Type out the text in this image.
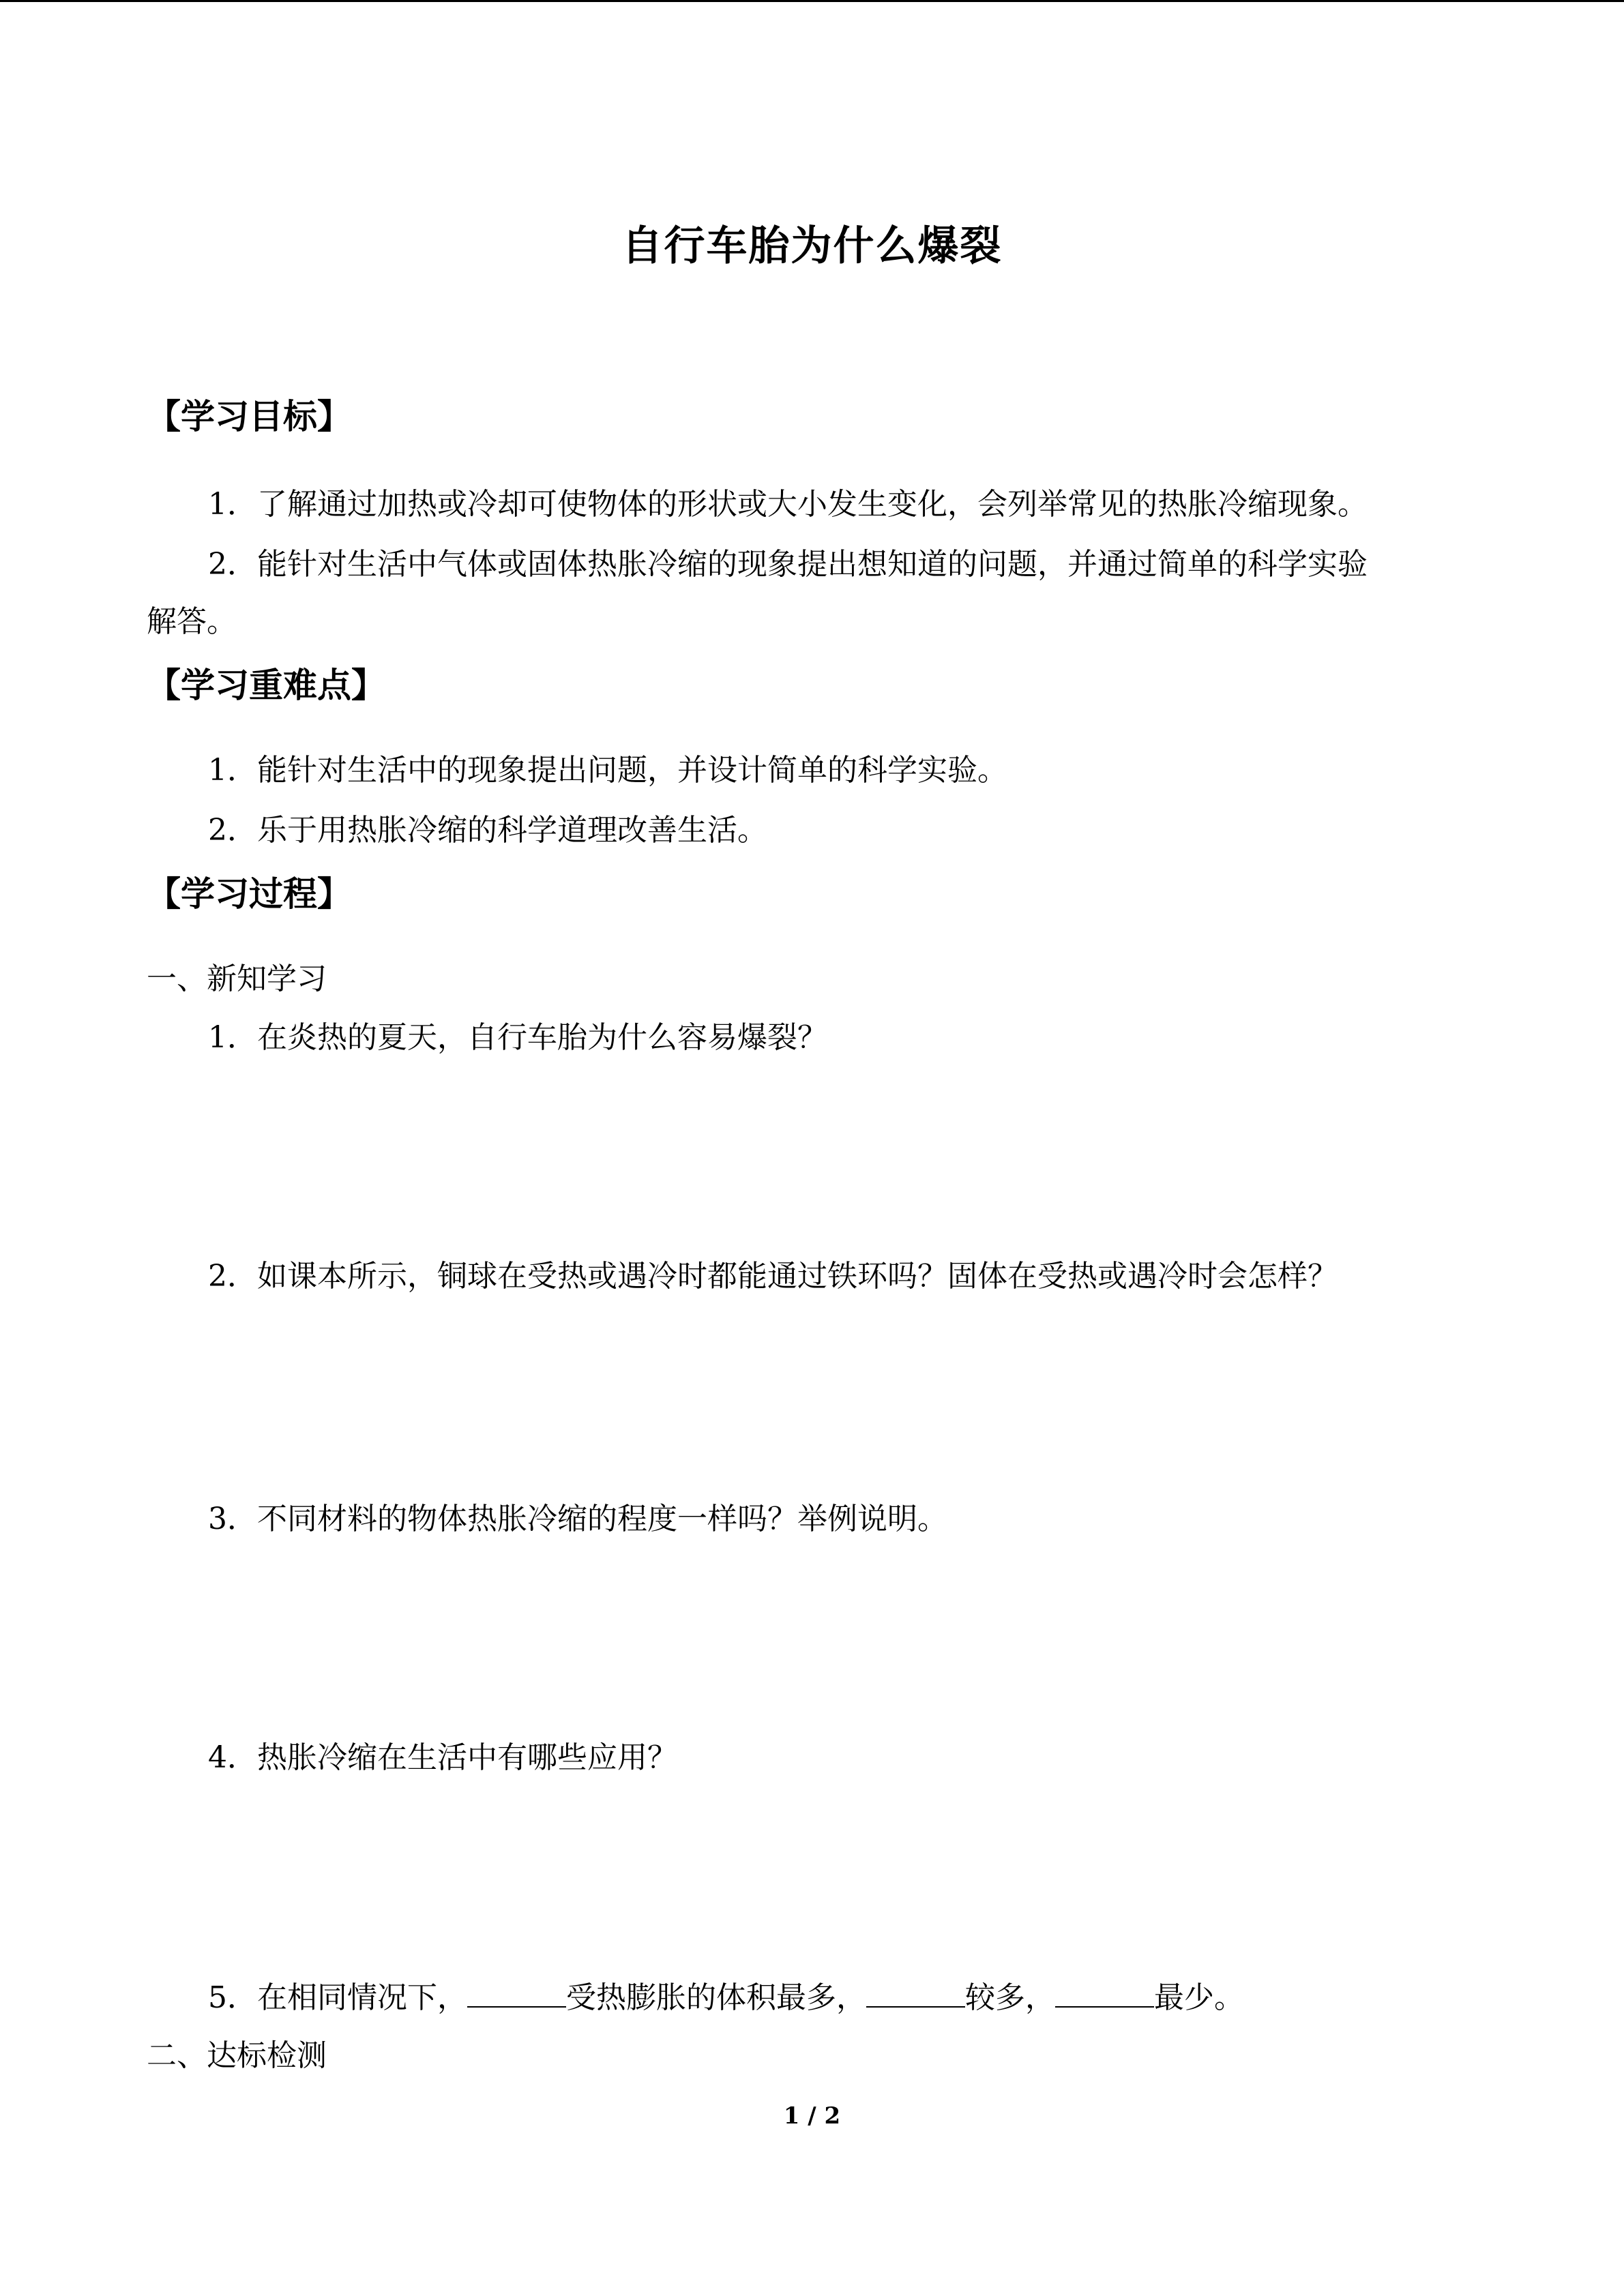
自行车胎为什么爆裂
【学习目标】
1．了解通过加热或冷却可使物体的形状或大小发生变化，会列举常见的热胀冷缩现象。
2．能针对生活中气体或固体热胀冷缩的现象提出想知道的问题，并通过简单的科学实验
解答。
【学习重难点】
1．能针对生活中的现象提出问题，并设计简单的科学实验。
2．乐于用热胀冷缩的科学道理改善生活。
【学习过程】
一、新知学习
1．在炎热的夏天，自行车胎为什么容易爆裂？
2．如课本所示，铜球在受热或遇冷时都能通过铁环吗？固体在受热或遇冷时会怎样？
3．不同材料的物体热胀冷缩的程度一样吗？举例说明。
4．热胀冷缩在生活中有哪些应用？
5．在相同情况下，	受热膨胀的体积最多，	较多，	最少。
二、达标检测
1 / 2
